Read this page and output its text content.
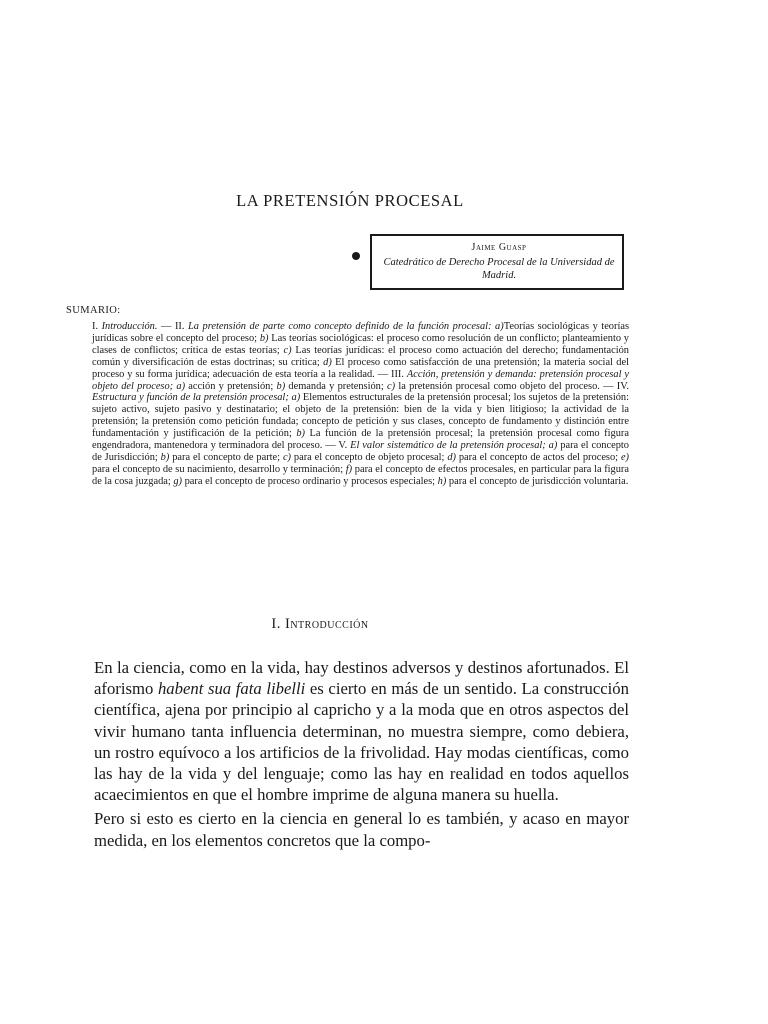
LA PRETENSIÓN PROCESAL
Jaime Guasp
Catedrático de Derecho Procesal de la Universidad de Madrid.
SUMARIO:
I. Introducción. — II. La pretensión de parte como concepto definido de la función procesal: a)Teorías sociológicas y teorías jurídicas sobre el concepto del proceso; b) Las teorías sociológicas: el proceso como resolución de un conflicto; planteamiento y clases de conflictos; crítica de estas teorías; c) Las teorías jurídicas: el proceso como actuación del derecho; fundamentación común y diversificación de estas doctrinas; su crítica; d) El proceso como satisfacción de una pretensión; la materia social del proceso y su forma jurídica; adecuación de esta teoría a la realidad. — III. Acción, pretensión y demanda: pretensión procesal y objeto del proceso; a) acción y pretensión; b) demanda y pretensión; c) la pretensión procesal como objeto del proceso. — IV. Estructura y función de la pretensión procesal; a) Elementos estructurales de la pretensión procesal; los sujetos de la pretensión: sujeto activo, sujeto pasivo y destinatario; el objeto de la pretensión: bien de la vida y bien litigioso; la actividad de la pretensión; la pretensión como petición fundada; concepto de petición y sus clases, concepto de fundamento y distinción entre fundamentación y justificación de la petición; b) La función de la pretensión procesal; la pretensión procesal como figura engendradora, mantenedora y terminadora del proceso. — V. El valor sistemático de la pretensión procesal; a) para el concepto de Jurisdicción; b) para el concepto de parte; c) para el concepto de objeto procesal; d) para el concepto de actos del proceso; e) para el concepto de su nacimiento, desarrollo y terminación; f) para el concepto de efectos procesales, en particular para la figura de la cosa juzgada; g) para el concepto de proceso ordinario y procesos especiales; h) para el concepto de jurisdicción voluntaria.
I. Introducción

En la ciencia, como en la vida, hay destinos adversos y destinos afortunados. El aforismo habent sua fata libelli es cierto en más de un sentido. La construcción científica, ajena por principio al capricho y a la moda que en otros aspectos del vivir humano tanta influencia determinan, no muestra siempre, como debiera, un rostro equívoco a los artificios de la frivolidad. Hay modas científicas, como las hay de la vida y del lenguaje; como las hay en realidad en todos aquellos acaecimientos en que el hombre imprime de alguna manera su huella.

Pero si esto es cierto en la ciencia en general lo es también, y acaso en mayor medida, en los elementos concretos que la compo-
